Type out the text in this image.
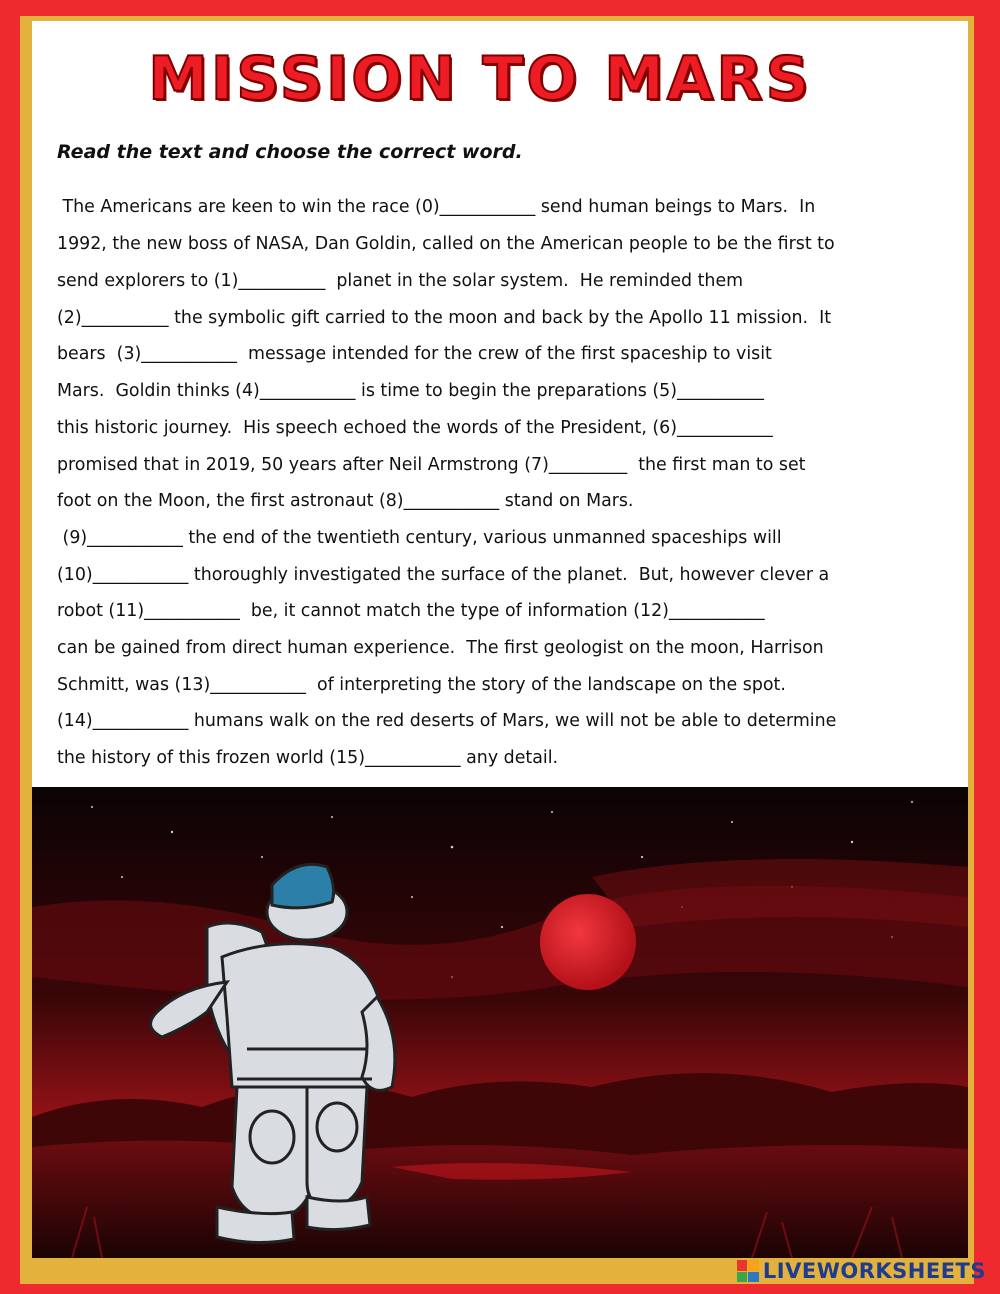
MISSION TO MARS
Read the text and choose the correct word.
The Americans are keen to win the race (0)___________ send human beings to Mars.  In
1992, the new boss of NASA, Dan Goldin, called on the American people to be the first to
send explorers to (1)__________  planet in the solar system.  He reminded them
(2)__________ the symbolic gift carried to the moon and back by the Apollo 11 mission.  It
bears  (3)___________  message intended for the crew of the first spaceship to visit
Mars.  Goldin thinks (4)___________ is time to begin the preparations (5)__________
this historic journey.  His speech echoed the words of the President, (6)___________
promised that in 2019, 50 years after Neil Armstrong (7)_________  the first man to set
foot on the Moon, the first astronaut (8)___________ stand on Mars.
(9)___________ the end of the twentieth century, various unmanned spaceships will
(10)___________ thoroughly investigated the surface of the planet.  But, however clever a
robot (11)___________  be, it cannot match the type of information (12)___________
can be gained from direct human experience.  The first geologist on the moon, Harrison
Schmitt, was (13)___________  of interpreting the story of the landscape on the spot.
(14)___________ humans walk on the red deserts of Mars, we will not be able to determine
the history of this frozen world (15)___________ any detail.
LIVEWORKSHEETS
